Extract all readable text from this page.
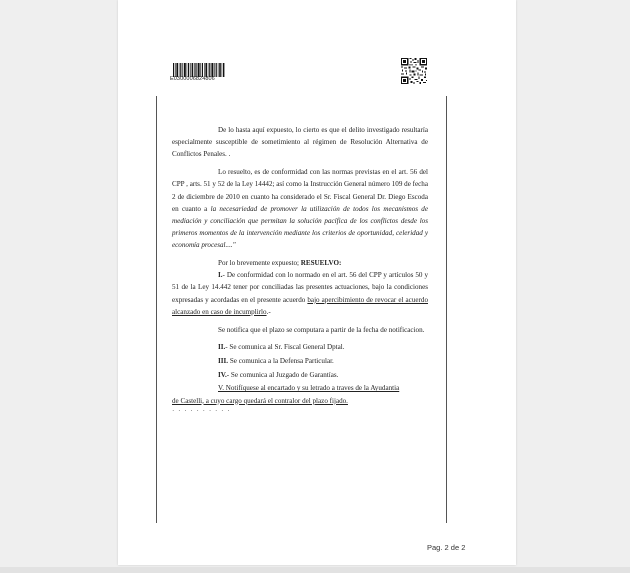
E0300006824806

De lo hasta aquí expuesto, lo cierto es que el delito investigado resultaría especialmente susceptible de sometimiento al régimen de Resolución Alternativa de Conflictos Penales. .

Lo resuelto, es de conformidad con las normas previstas en el art. 56 del CPP , arts. 51 y 52 de la Ley 14442; así como la Instrucción General número 109 de fecha 2 de diciembre de 2010 en cuanto ha considerado el Sr. Fiscal General Dr. Diego Escoda en cuanto a la necesariedad de promover la utilización de todos los mecanismos de mediación y conciliación que permitan la solución pacífica de los conflictos desde los primeros momentos de la intervención mediante los criterios de oportunidad, celeridad y economía procesal...."

Por lo brevemente expuesto; RESUELVO:

I.- De conformidad con lo normado en el art. 56 del CPP y artículos 50 y 51 de la Ley 14.442 tener por conciliadas las presentes actuaciones, bajo la condiciones expresadas y acordadas en el presente acuerdo bajo apercibimiento de revocar el acuerdo alcanzado en caso de incumplirlo.-

Se notifica que el plazo se computara a partir de la fecha de notificacion.

II.- Se comunica al Sr. Fiscal General Dptal.

III. Se comunica a la Defensa Particular.

IV.- Se comunica al Juzgado de Garantías.

V. Notifíquese al encartado y su letrado a traves de la Ayudantia

de Castelli, a cuyo cargo quedará el contralor del plazo fijado.

· · · · · · · · · ·
Pag. 2 de 2
